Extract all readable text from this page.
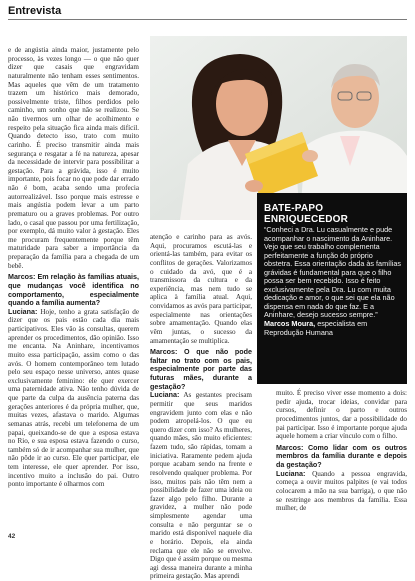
Entrevista

e de angústia ainda maior, justamente pelo processo, às vezes longo — o que não quer dizer que casais que engravidam naturalmente não tenham esses sentimentos. Mas aqueles que vêm de um tratamento trazem um histórico mais demorado, possivelmente triste, filhos perdidos pelo caminho, um sonho que não se realizou. Se não tivermos um olhar de acolhimento e respeito pela situação fica ainda mais difícil. Quando detecto isso, trato com muito carinho. É preciso transmitir ainda mais segurança e resgatar a fé na natureza, apesar da necessidade de intervir para possibilitar a gestação. Para a grávida, isso é muito importante, pois focar no que pode dar errado não é bom, acaba sendo uma profecia autorrealizável. Isso porque mais estresse e mais angústia podem levar a um parto prematuro ou a graves problemas. Por outro lado, o casal que passou por uma fertilização, por exemplo, dá muito valor à gestação. Eles me procuram frequentemente porque têm maturidade para saber a importância da preparação da família para a chegada de um bebê.

Marcos: Em relação às famílias atuais, que mudanças você identifica no comportamento, especialmente quando a família aumenta?

Luciana: Hoje, tenho a grata satisfação de dizer que os pais estão cada dia mais participativos. Eles vão às consultas, querem aprender os procedimentos, dão opinião. Isso me encanta. Na Aninhare, incentivamos muito essa participação, assim como o das avós. O homem contemporâneo tem lutado pelo seu espaço nesse universo, antes quase exclusivamente feminino: ele quer exercer uma paternidade ativa. Não tenho dúvida de que parte da culpa da ausência paterna das gerações anteriores é da própria mulher, que, muitas vezes, afastava o marido. Algumas semanas atrás, recebi um telefonema de um papai, queixando-se de que a esposa estava no Rio, e sua esposa estava fazendo o curso, também só de ir acompanhar sua mulher, que não pôde ir ao curso. Ele quer participar, ele tem interesse, ele quer aprender. Por isso, incentivo muito a inclusão do pai. Outro ponto importante é olharmos com

atenção e carinho para as avós. Aqui, procuramos escutá-las e orientá-las também, para evitar os conflitos de gerações. Valorizamos o cuidado da avó, que é a transmissora da cultura e da experiência, mas nem tudo se aplica à família atual. Aqui, convidamos as avós para participar, especialmente nas orientações sobre amamentação. Quando elas vêm juntas, o sucesso da amamentação se multiplica.

Marcos: O que não pode faltar no trato com os pais, especialmente por parte das futuras mães, durante a gestação?

Luciana: As gestantes precisam permitir que seus maridos engravidem junto com elas e não podem atropelá-los. O que eu quero dizer com isso? As mulheres, quando mães, são muito eficientes: fazem tudo, são rápidas, tomam a iniciativa. Raramente pedem ajuda porque acabam sendo na frente e resolvendo qualquer problema. Por isso, muitos pais não têm nem a possibilidade de fazer uma ideia ou fazer algo pelo filho. Durante a gravidez, a mulher não pode simplesmente agendar uma consulta e não perguntar se o marido está disponível naquele dia e horário. Depois, ela ainda reclama que ele não se envolve. Digo que é assim porque ou mesma agi dessa maneira durante a minha primeira gestação. Mas aprendi

BATE-PAPO ENRIQUECEDOR
“Conheci a Dra. Lu casualmente e pude acompanhar o nascimento da Aninhare. Vejo que seu trabalho complementa perfeitamente a função do próprio obstetra. Essa orientação dada às famílias grávidas é fundamental para que o filho possa ser bem recebido. Isso é feito exclusivamente pela Dra. Lu com muita dedicação e amor, o que sei que ela não dispensa em nada do que faz. E a Aninhare, desejo sucesso sempre.” Marcos Moura, especialista em Reprodução Humana

muito. É preciso viver esse momento a dois: pedir ajuda, trocar ideias, convidar para cursos, definir o parto e outros procedimentos juntos, dar a possibilidade do pai participar. Isso é importante porque ajuda aquele homem a criar vínculo com o filho.

Marcos: Como lidar com os outros membros da família durante e depois da gestação?

Luciana: Quando a pessoa engravida, começa a ouvir muitos palpites (e vai todos colocarem a mão na sua barriga), o que não se restringe aos membros da família. Essa mulher, de

42
